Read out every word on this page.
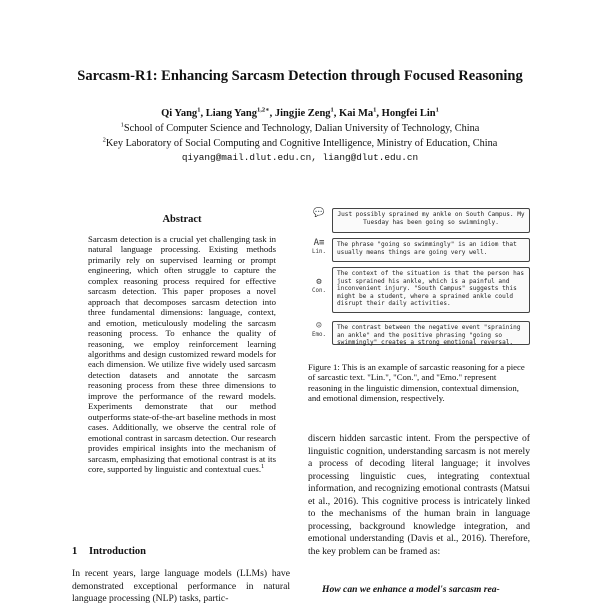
Sarcasm-R1: Enhancing Sarcasm Detection through Focused Reasoning
Qi Yang$^1$, Liang Yang$^{1,2∗}$, Jingjie Zeng$^1$, Kai Ma$^1$, Hongfei Lin$^1$
$^1$School of Computer Science and Technology, Dalian University of Technology, China
$^2$Key Laboratory of Social Computing and Cognitive Intelligence, Ministry of Education, China
qiyang@mail.dlut.edu.cn, liang@dlut.edu.cn
Abstract
Sarcasm detection is a crucial yet challenging task in natural language processing. Existing methods primarily rely on supervised learning or prompt engineering, which often struggle to capture the complex reasoning process required for effective sarcasm detection. This paper proposes a novel approach that decomposes sarcasm detection into three fundamental dimensions: language, context, and emotion, meticulously modeling the sarcasm reasoning process. To enhance the quality of reasoning, we employ reinforcement learning algorithms and design customized reward models for each dimension. We utilize five widely used sarcasm detection datasets and annotate the sarcasm reasoning process from these three dimensions to improve the performance of the reward models. Experiments demonstrate that our method outperforms state-of-the-art baseline methods in most cases. Additionally, we observe the central role of emotional contrast in sarcasm detection. Our research provides empirical insights into the mechanism of sarcasm, emphasizing that emotional contrast is at its core, supported by linguistic and contextual cues.$^1$
1 Introduction
In recent years, large language models (LLMs) have demonstrated exceptional performance in natural language processing (NLP) tasks, partic-
💬	Just possibly sprained my ankle on South Campus. My Tuesday has been going so swimmingly.
A≡
Lin.
The phrase "going so swimmingly" is an idiom that usually means things are going very well.
⚙
Con.
The context of the situation is that the person has just sprained his ankle, which is a painful and inconvenient injury. "South Campus" suggests this might be a student, where a sprained ankle could disrupt their daily activities.
☺
Emo.
The contrast between the negative event "spraining an ankle" and the positive phrasing "going so swimmingly" creates a strong emotional reversal.
Figure 1: This is an example of sarcastic reasoning for a piece of sarcastic text. "Lin.", "Con.", and "Emo." represent reasoning in the linguistic dimension, contextual dimension, and emotional dimension, respectively.
discern hidden sarcastic intent. From the perspective of linguistic cognition, understanding sarcasm is not merely a process of decoding literal language; it involves processing linguistic cues, integrating contextual information, and recognizing emotional contrasts (Matsui et al., 2016). This cognitive process is intricately linked to the mechanisms of the human brain in language processing, background knowledge integration, and emotional understanding (Davis et al., 2016). Therefore, the key problem can be framed as:
How can we enhance a model's sarcasm rea-
